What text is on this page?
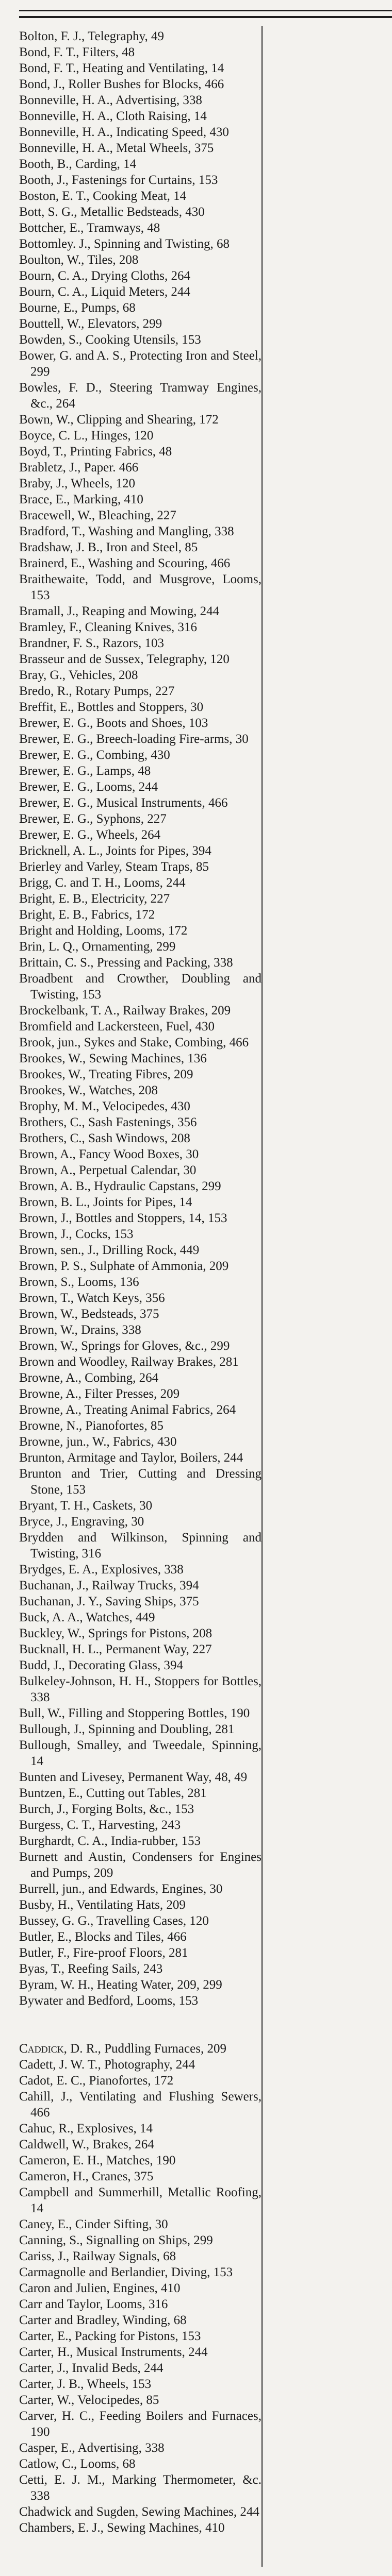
Bolton, F. J., Telegraphy, 49
Bond, F. T., Filters, 48
Bond, F. T., Heating and Ventilating, 14
Bond, J., Roller Bushes for Blocks, 466
Bonneville, H. A., Advertising, 338
Bonneville, H. A., Cloth Raising, 14
Bonneville, H. A., Indicating Speed, 430
Bonneville, H. A., Metal Wheels, 375
Booth, B., Carding, 14
Booth, J., Fastenings for Curtains, 153
Boston, E. T., Cooking Meat, 14
Bott, S. G., Metallic Bedsteads, 430
Bottcher, E., Tramways, 48
Bottomley. J., Spinning and Twisting, 68
Boulton, W., Tiles, 208
Bourn, C. A., Drying Cloths, 264
Bourn, C. A., Liquid Meters, 244
Bourne, E., Pumps, 68
Bouttell, W., Elevators, 299
Bowden, S., Cooking Utensils, 153
Bower, G. and A. S., Protecting Iron and Steel, 299
Bowles, F. D., Steering Tramway Engines, &c., 264
Bown, W., Clipping and Shearing, 172
Boyce, C. L., Hinges, 120
Boyd, T., Printing Fabrics, 48
Brabletz, J., Paper. 466
Braby, J., Wheels, 120
Brace, E., Marking, 410
Bracewell, W., Bleaching, 227
Bradford, T., Washing and Mangling, 338
Bradshaw, J. B., Iron and Steel, 85
Brainerd, E., Washing and Scouring, 466
Braithewaite, Todd, and Musgrove, Looms, 153
Bramall, J., Reaping and Mowing, 244
Bramley, F., Cleaning Knives, 316
Brandner, F. S., Razors, 103
Brasseur and de Sussex, Telegraphy, 120
Bray, G., Vehicles, 208
Bredo, R., Rotary Pumps, 227
Breffit, E., Bottles and Stoppers, 30
Brewer, E. G., Boots and Shoes, 103
Brewer, E. G., Breech-loading Fire-arms, 30
Brewer, E. G., Combing, 430
Brewer, E. G., Lamps, 48
Brewer, E. G., Looms, 244
Brewer, E. G., Musical Instruments, 466
Brewer, E. G., Syphons, 227
Brewer, E. G., Wheels, 264
Bricknell, A. L., Joints for Pipes, 394
Brierley and Varley, Steam Traps, 85
Brigg, C. and T. H., Looms, 244
Bright, E. B., Electricity, 227
Bright, E. B., Fabrics, 172
Bright and Holding, Looms, 172
Brin, L. Q., Ornamenting, 299
Brittain, C. S., Pressing and Packing, 338
Broadbent and Crowther, Doubling and Twisting, 153
Brockelbank, T. A., Railway Brakes, 209
Bromfield and Lackersteen, Fuel, 430
Brook, jun., Sykes and Stake, Combing, 466
Brookes, W., Sewing Machines, 136
Brookes, W., Treating Fibres, 209
Brookes, W., Watches, 208
Brophy, M. M., Velocipedes, 430
Brothers, C., Sash Fastenings, 356
Brothers, C., Sash Windows, 208
Brown, A., Fancy Wood Boxes, 30
Brown, A., Perpetual Calendar, 30
Brown, A. B., Hydraulic Capstans, 299
Brown, B. L., Joints for Pipes, 14
Brown, J., Bottles and Stoppers, 14, 153
Brown, J., Cocks, 153
Brown, sen., J., Drilling Rock, 449
Brown, P. S., Sulphate of Ammonia, 209
Brown, S., Looms, 136
Brown, T., Watch Keys, 356
Brown, W., Bedsteads, 375
Brown, W., Drains, 338
Brown, W., Springs for Gloves, &c., 299
Brown and Woodley, Railway Brakes, 281
Browne, A., Combing, 264
Browne, A., Filter Presses, 209
Browne, A., Treating Animal Fabrics, 264
Browne, N., Pianofortes, 85
Browne, jun., W., Fabrics, 430
Brunton, Armitage and Taylor, Boilers, 244
Brunton and Trier, Cutting and Dressing Stone, 153
Bryant, T. H., Caskets, 30
Bryce, J., Engraving, 30
Brydden and Wilkinson, Spinning and Twisting, 316
Brydges, E. A., Explosives, 338
Buchanan, J., Railway Trucks, 394
Buchanan, J. Y., Saving Ships, 375
Buck, A. A., Watches, 449
Buckley, W., Springs for Pistons, 208
Bucknall, H. L., Permanent Way, 227
Budd, J., Decorating Glass, 394
Bulkeley-Johnson, H. H., Stoppers for Bottles, 338
Bull, W., Filling and Stoppering Bottles, 190
Bullough, J., Spinning and Doubling, 281
Bullough, Smalley, and Tweedale, Spinning, 14
Bunten and Livesey, Permanent Way, 48, 49
Buntzen, E., Cutting out Tables, 281
Burch, J., Forging Bolts, &c., 153
Burgess, C. T., Harvesting, 243
Burghardt, C. A., India-rubber, 153
Burnett and Austin, Condensers for Engines and Pumps, 209
Burrell, jun., and Edwards, Engines, 30
Busby, H., Ventilating Hats, 209
Bussey, G. G., Travelling Cases, 120
Butler, E., Blocks and Tiles, 466
Butler, F., Fire-proof Floors, 281
Byas, T., Reefing Sails, 243
Byram, W. H., Heating Water, 209, 299
Bywater and Bedford, Looms, 153
Caddick, D. R., Puddling Furnaces, 209
Cadett, J. W. T., Photography, 244
Cadot, E. C., Pianofortes, 172
Cahill, J., Ventilating and Flushing Sewers, 466
Cahuc, R., Explosives, 14
Caldwell, W., Brakes, 264
Cameron, E. H., Matches, 190
Cameron, H., Cranes, 375
Campbell and Summerhill, Metallic Roofing, 14
Caney, E., Cinder Sifting, 30
Canning, S., Signalling on Ships, 299
Cariss, J., Railway Signals, 68
Carmagnolle and Berlandier, Diving, 153
Caron and Julien, Engines, 410
Carr and Taylor, Looms, 316
Carter and Bradley, Winding, 68
Carter, E., Packing for Pistons, 153
Carter, H., Musical Instruments, 244
Carter, J., Invalid Beds, 244
Carter, J. B., Wheels, 153
Carter, W., Velocipedes, 85
Carver, H. C., Feeding Boilers and Furnaces, 190
Casper, E., Advertising, 338
Catlow, C., Looms, 68
Cetti, E. J. M., Marking Thermometer, &c. 338
Chadwick and Sugden, Sewing Machines, 244
Chambers, E. J., Sewing Machines, 410
